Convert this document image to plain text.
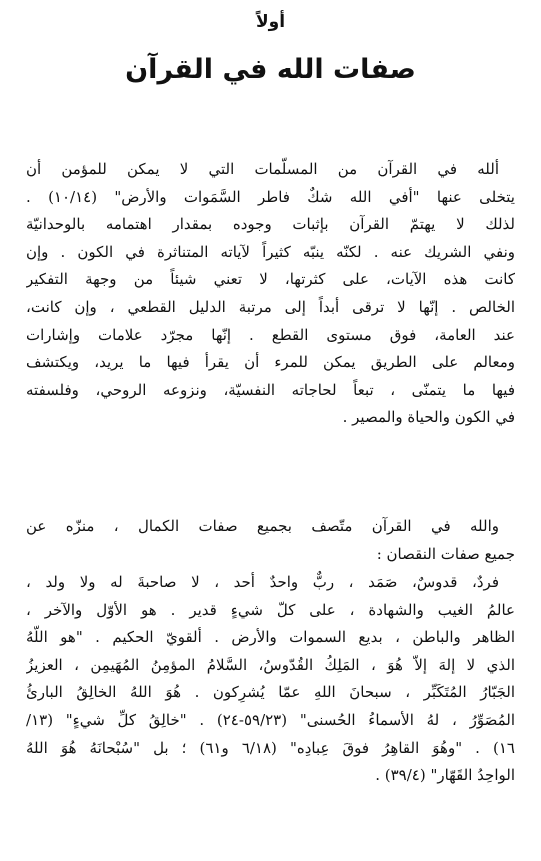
أولاً
صفات الله في القرآن
ألله في القرآن من المسلّمات التي لا يمكن للمؤمن أن
يتخلى عنها "أفي الله شكٌ فاطر السَّمَوات والأرض" (١٠/١٤) .
لذلك لا يهتمّ القرآن بإثبات وجوده بمقدار اهتمامه بالوحدانيّة
ونفي الشريك عنه . لكنّه ينبّه كثيراً لآياته المتناثرة في الكون . وإن
كانت هذه الآيات، على كثرتها، لا تعني شيئاً من وجهة التفكير
الخالص . إنّها لا ترقى أبداً إلى مرتبة الدليل القطعي ، وإن كانت،
عند العامة، فوق مستوى القطع . إنّها مجرّد علامات وإشارات
ومعالم على الطريق يمكن للمرء أن يقرأ فيها ما يريد، ويكتشف
فيها ما يتمنّى ، تبعاً لحاجاته النفسيّة، ونزوعه الروحي، وفلسفته
في الكون والحياة والمصير .
والله في القرآن متّصف بجميع صفات الكمال ، منزّه عن
جميع صفات النقصان :
فردٌ، قدوسٌ، صَمَد ، ربٌّ واحدٌ أحد ، لا صاحبةَ له ولا ولد ،
عالمُ الغيب والشهادة ، على كلّ شيءٍ قدير . هو الأوّل والآخر ،
الظاهر والباطن ، بديع السموات والأرض . ألقويّ الحكيم . "هو اللّهُ
الذي لا إلهَ إلاّ هُوَ ، المَلِكُ القُدّوسُ، السَّلامُ المؤمِنُ المُهَيمِن ، العزيزُ
الجَبّارُ المُتَكَبِّر ، سبحانَ اللهِ عمّا يُشرِكون . هُوَ اللهُ الخالِقُ البارئُ
المُصَوِّرُ ، لهُ الأسماءُ الحُسنى" (٥٩/٢٣-٢٤) . "خالِقُ كلِّ شيءٍ" (١٣/
١٦) . "وهُوَ القاهِرُ فوقَ عِبادِه" (٦/١٨ و٦١) ؛ بل "سُبْحانَهُ هُوَ اللهُ
الواحِدُ القَهّار" (٣٩/٤) .
